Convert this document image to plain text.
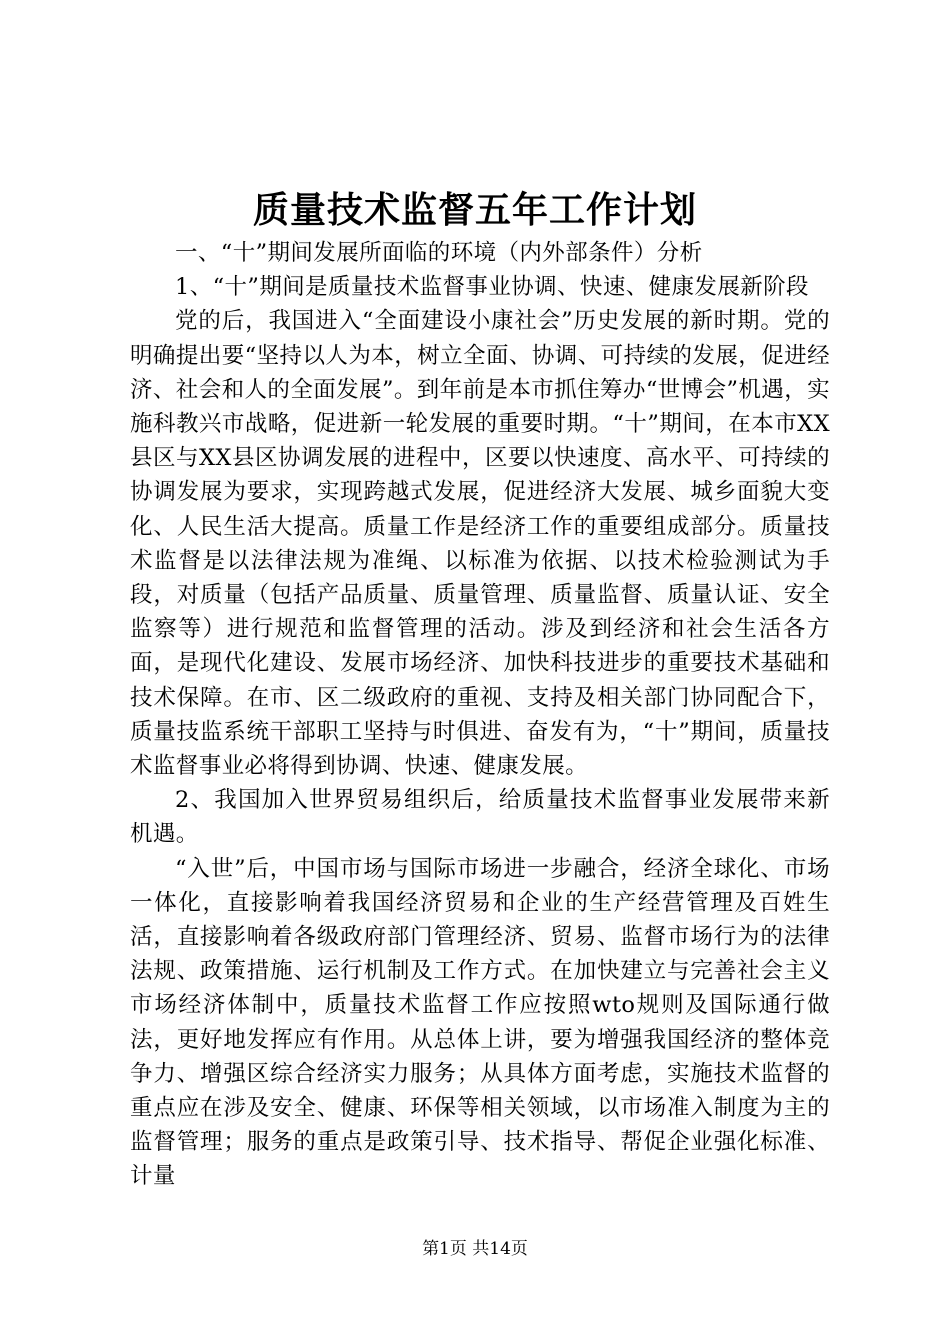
质量技术监督五年工作计划

一、“十”期间发展所面临的环境（内外部条件）分析

1、“十”期间是质量技术监督事业协调、快速、健康发展新阶段

党的后，我国进入“全面建设小康社会”历史发展的新时期。党的明确提出要“坚持以人为本，树立全面、协调、可持续的发展，促进经济、社会和人的全面发展”。到年前是本市抓住筹办“世博会”机遇，实施科教兴市战略，促进新一轮发展的重要时期。“十”期间，在本市XX县区与XX县区协调发展的进程中，区要以快速度、高水平、可持续的协调发展为要求，实现跨越式发展，促进经济大发展、城乡面貌大变化、人民生活大提高。质量工作是经济工作的重要组成部分。质量技术监督是以法律法规为准绳、以标准为依据、以技术检验测试为手段，对质量（包括产品质量、质量管理、质量监督、质量认证、安全监察等）进行规范和监督管理的活动。涉及到经济和社会生活各方面，是现代化建设、发展市场经济、加快科技进步的重要技术基础和技术保障。在市、区二级政府的重视、支持及相关部门协同配合下，质量技监系统干部职工坚持与时俱进、奋发有为，“十”期间，质量技术监督事业必将得到协调、快速、健康发展。

2、我国加入世界贸易组织后，给质量技术监督事业发展带来新机遇。

“入世”后，中国市场与国际市场进一步融合，经济全球化、市场一体化，直接影响着我国经济贸易和企业的生产经营管理及百姓生活，直接影响着各级政府部门管理经济、贸易、监督市场行为的法律法规、政策措施、运行机制及工作方式。在加快建立与完善社会主义市场经济体制中，质量技术监督工作应按照wto规则及国际通行做法，更好地发挥应有作用。从总体上讲，要为增强我国经济的整体竞争力、增强区综合经济实力服务；从具体方面考虑，实施技术监督的重点应在涉及安全、健康、环保等相关领域，以市场准入制度为主的监督管理；服务的重点是政策引导、技术指导、帮促企业强化标准、计量

第1页 共14页
